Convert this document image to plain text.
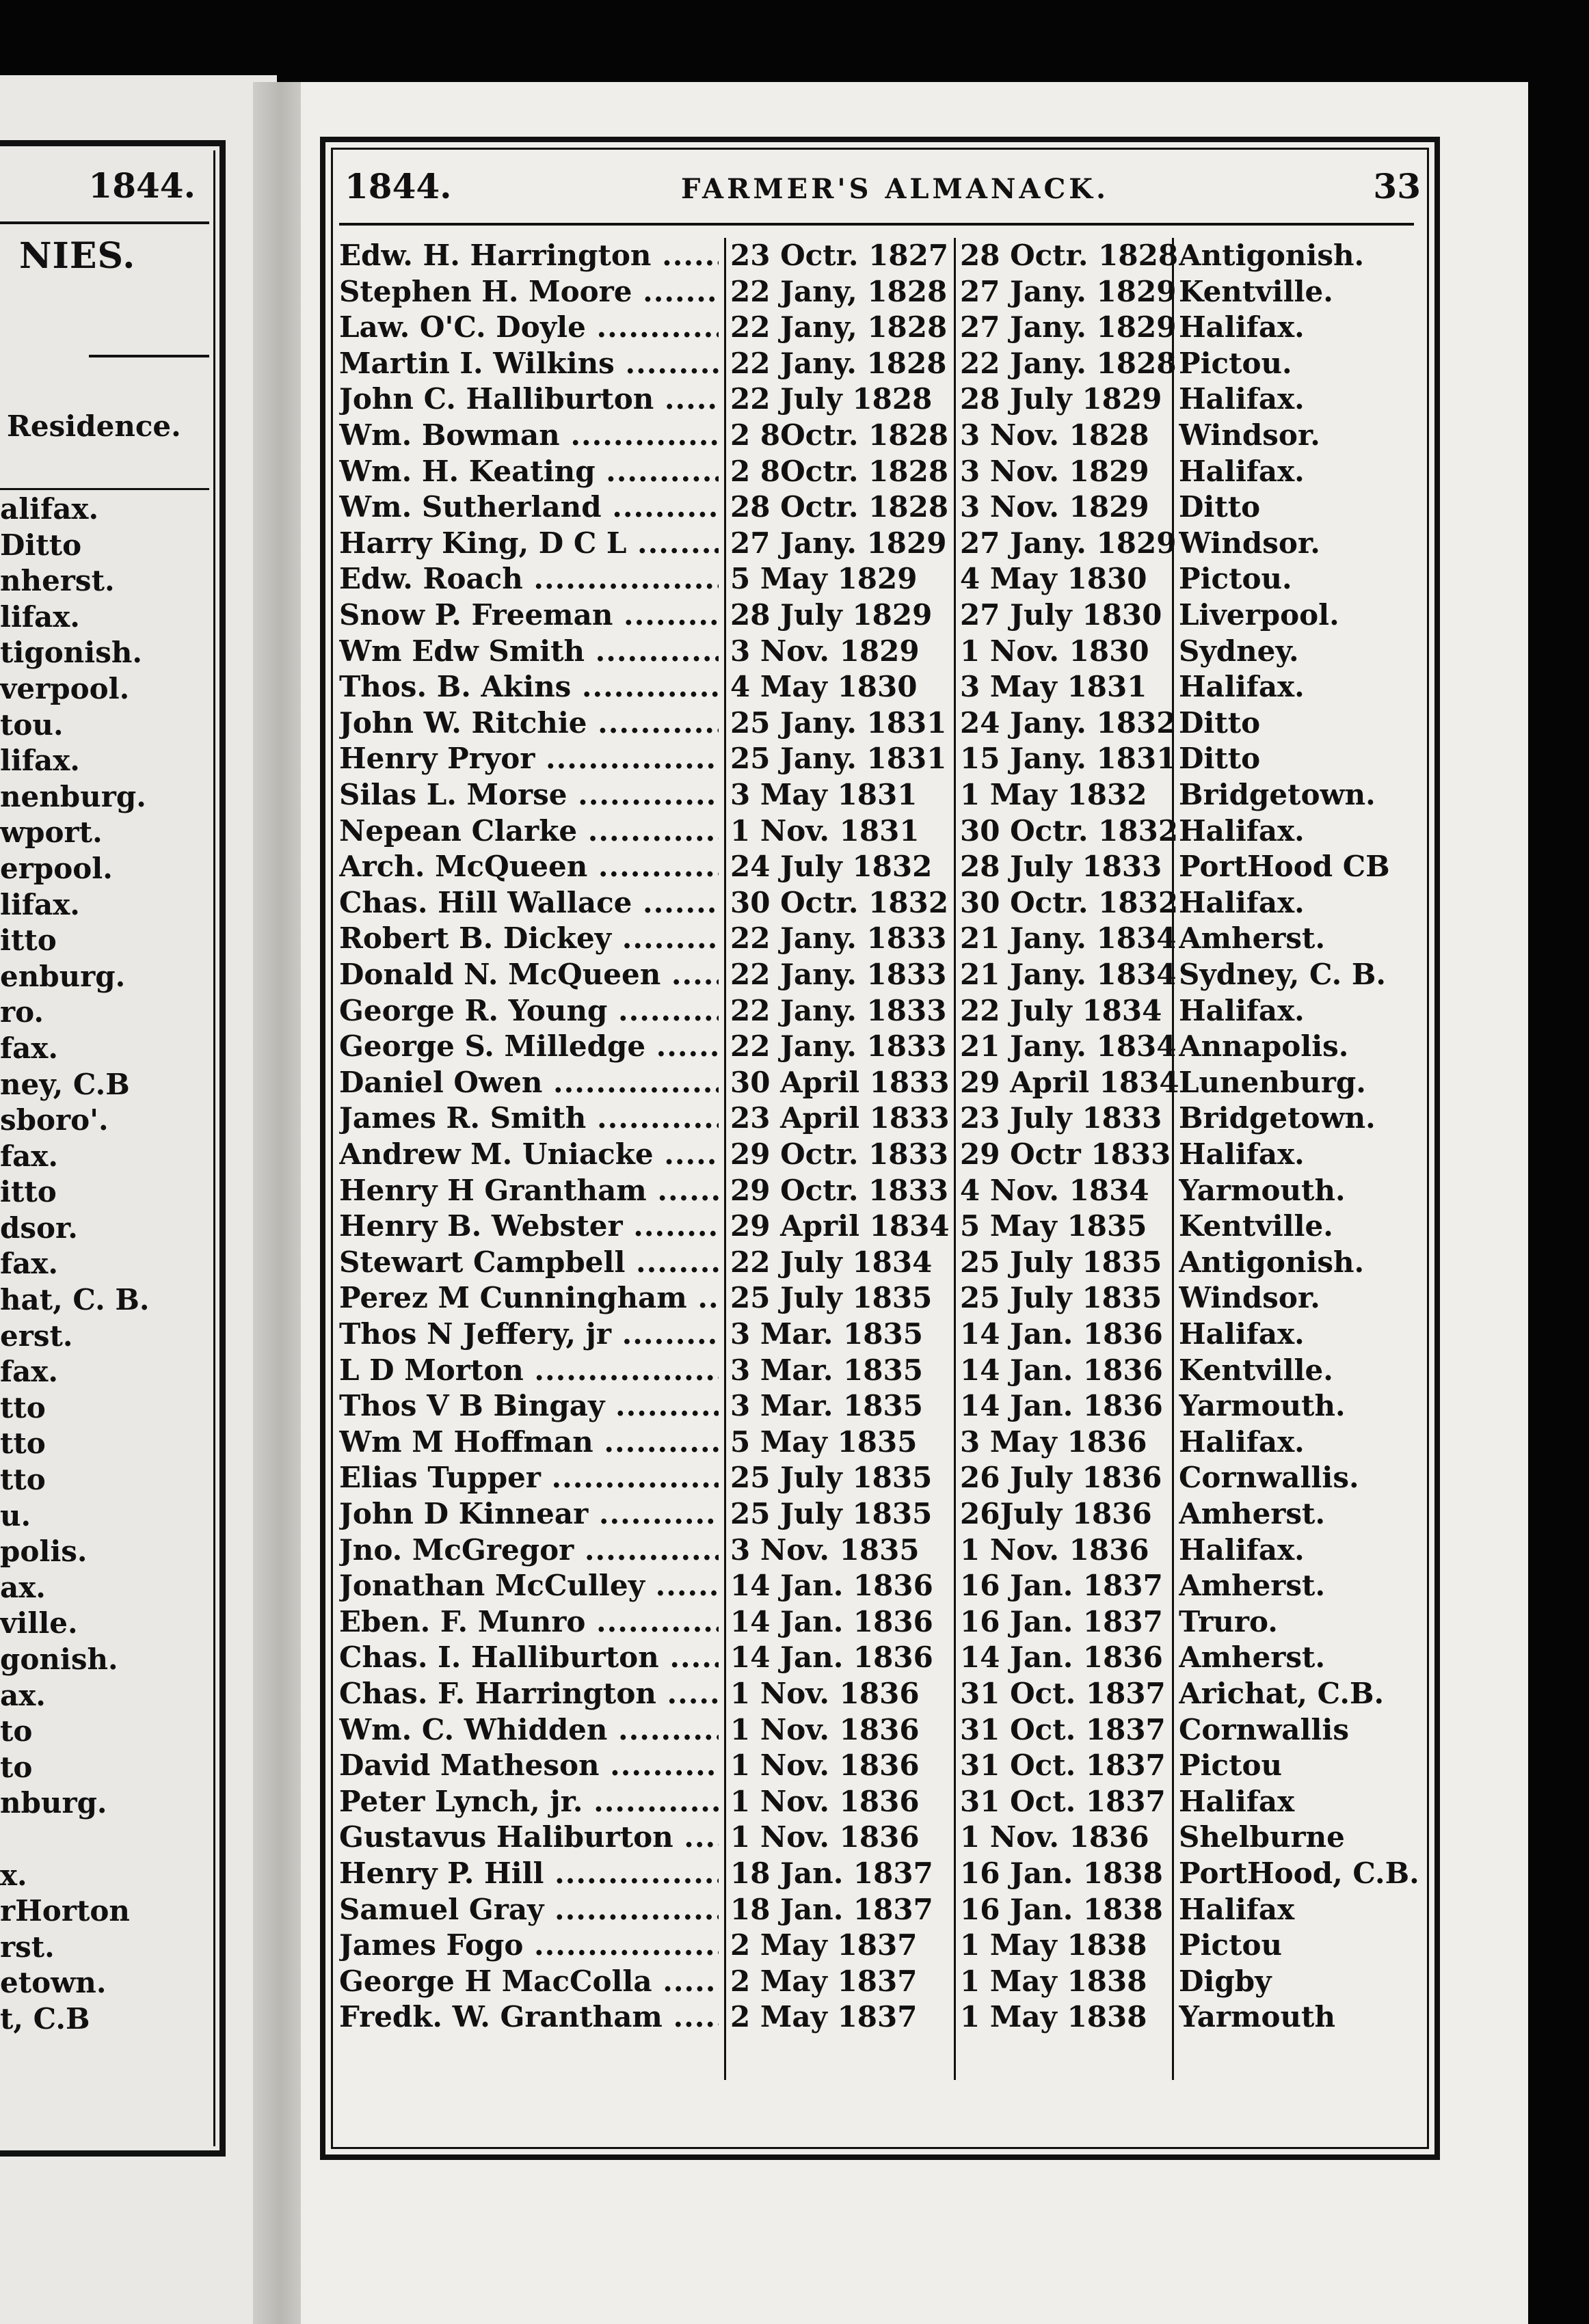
1844.
NIES.
Residence.
alifax.
Ditto
nherst.
lifax.
tigonish.
verpool.
tou.
lifax.
nenburg.
wport.
erpool.
lifax.
itto
enburg.
ro.
fax.
ney, C.B
sboro'.
fax.
itto
dsor.
fax.
hat, C. B.
erst.
fax.
tto
tto
tto
u.
polis.
ax.
ville.
gonish.
ax.
to
to
nburg.
x.
rHorton
rst.
etown.
t, C.B
1844.	FARMER'S ALMANACK.	33
Edw. H. Harrington .....	23 Octr. 1827 28 Octr. 1828 Antigonish.
Stephen H. Moore .....	22 Jany, 1828 27 Jany. 1829 Kentville.
Law. O'C. Doyle .....	22 Jany, 1828 27 Jany. 1829 Halifax.
Martin I. Wilkins .....	22 Jany. 1828 22 Jany. 1828 Pictou.
John C. Halliburton .....	22 July 1828 28 July 1829 Halifax.
Wm. Bowman .....	2 8Octr. 1828 3 Nov. 1828	Windsor.
Wm. H. Keating .....	2 8Octr. 1828 3 Nov. 1829	Halifax.
Wm. Sutherland .....	28 Octr. 1828 3 Nov. 1829	Ditto
Harry King, D C L .....	27 Jany. 1829 27 Jany. 1829 Windsor.
Edw. Roach .....	5 May 1829	4 May 1830	Pictou.
Snow P. Freeman .....	28 July 1829 27 July 1830 Liverpool.
Wm Edw Smith .....	3 Nov. 1829	1 Nov. 1830	Sydney.
Thos. B. Akins .....	4 May 1830	3 May 1831	Halifax.
John W. Ritchie .....	25 Jany. 1831 24 Jany. 1832 Ditto
Henry Pryor .....	25 Jany. 1831 15 Jany. 1831 Ditto
Silas L. Morse .....	3 May 1831	1 May 1832	Bridgetown.
Nepean Clarke .....	1 Nov. 1831	30 Octr. 1832 Halifax.
Arch. McQueen .....	24 July 1832 28 July 1833 PortHood CB
Chas. Hill Wallace .....	30 Octr. 1832 30 Octr. 1832 Halifax.
Robert B. Dickey .....	22 Jany. 1833 21 Jany. 1834 Amherst.
Donald N. McQueen .....	22 Jany. 1833 21 Jany. 1834 Sydney, C. B.
George R. Young .....	22 Jany. 1833 22 July 1834 Halifax.
George S. Milledge .....	22 Jany. 1833 21 Jany. 1834 Annapolis.
Daniel Owen .....	30 April 1833 29 April 1834 Lunenburg.
James R. Smith .....	23 April 1833 23 July 1833 Bridgetown.
Andrew M. Uniacke .....	29 Octr. 1833 29 Octr 1833 Halifax.
Henry H Grantham .....	29 Octr. 1833 4 Nov. 1834	Yarmouth.
Henry B. Webster .....	29 April 1834 5 May 1835	Kentville.
Stewart Campbell .....	22 July 1834 25 July 1835 Antigonish.
Perez M Cunningham .....	25 July 1835 25 July 1835 Windsor.
Thos N Jeffery, jr .....	3 Mar. 1835	14 Jan. 1836 Halifax.
L D Morton .....	3 Mar. 1835	14 Jan. 1836 Kentville.
Thos V B Bingay .....	3 Mar. 1835	14 Jan. 1836 Yarmouth.
Wm M Hoffman .....	5 May 1835	3 May 1836	Halifax.
Elias Tupper .....	25 July 1835 26 July 1836 Cornwallis.
John D Kinnear .....	25 July 1835 26July 1836 Amherst.
Jno. McGregor .....	3 Nov. 1835	1 Nov. 1836	Halifax.
Jonathan McCulley .....	14 Jan. 1836 16 Jan. 1837 Amherst.
Eben. F. Munro .....	14 Jan. 1836 16 Jan. 1837 Truro.
Chas. I. Halliburton .....	14 Jan. 1836 14 Jan. 1836 Amherst.
Chas. F. Harrington .....	1 Nov. 1836	31 Oct. 1837 Arichat, C.B.
Wm. C. Whidden .....	1 Nov. 1836	31 Oct. 1837 Cornwallis
David Matheson .....	1 Nov. 1836	31 Oct. 1837 Pictou
Peter Lynch, jr. .....	1 Nov. 1836	31 Oct. 1837 Halifax
Gustavus Haliburton .....	1 Nov. 1836	1 Nov. 1836	Shelburne
Henry P. Hill .....	18 Jan. 1837 16 Jan. 1838 PortHood, C.B.
Samuel Gray .....	18 Jan. 1837 16 Jan. 1838 Halifax
James Fogo .....	2 May 1837	1 May 1838	Pictou
George H MacColla .....	2 May 1837	1 May 1838	Digby
Fredk. W. Grantham .....	2 May 1837	1 May 1838	Yarmouth
